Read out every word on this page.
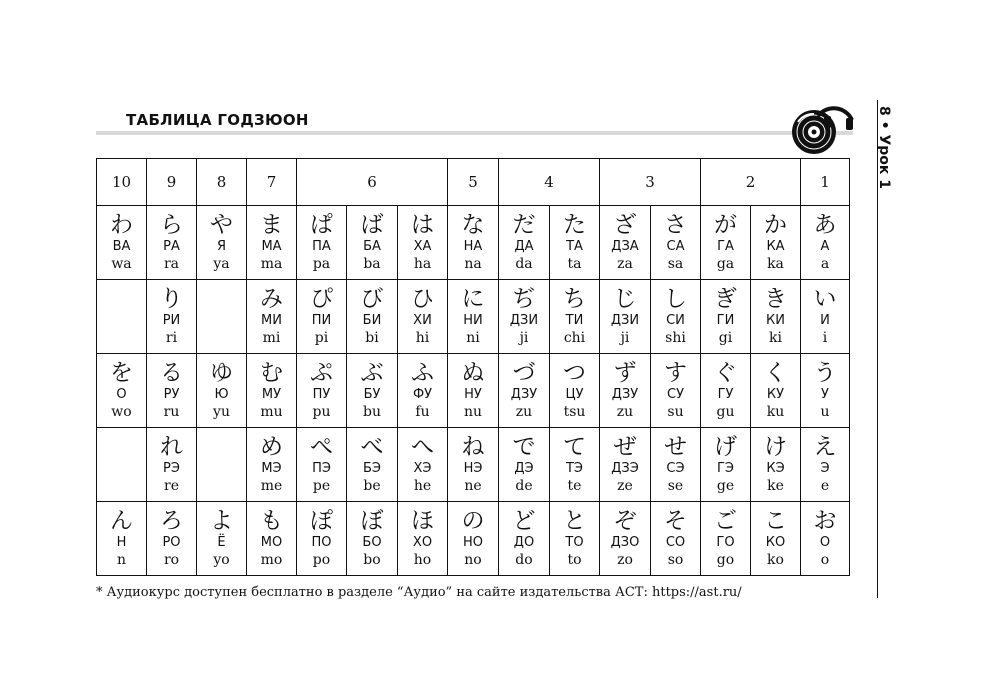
ТАБЛИЦА ГОДЗЮОН	8 • Урок 1
10	9	8	7	6			5	4		3		2		1

わ
ВА
wa	ら
РА
ra	や
Я
ya	ま
МА
ma	ぱ
ПА
pa	ば
БА
ba	は
ХА
ha	な
НА
na	だ
ДА
da	た
ТА
ta	ざ
ДЗА
za	さ
СА
sa	が
ГА
ga	か
КА
ka	あ
А
a

	り
РИ
ri		み
МИ
mi	ぴ
ПИ
pi	び
БИ
bi	ひ
ХИ
hi	に
НИ
ni	ぢ
ДЗИ
ji	ち
ТИ
chi	じ
ДЗИ
ji	し
СИ
shi	ぎ
ГИ
gi	き
КИ
ki	い
И
i

を
О
wo	る
РУ
ru	ゆ
Ю
yu	む
МУ
mu	ぷ
ПУ
pu	ぶ
БУ
bu	ふ
ФУ
fu	ぬ
НУ
nu	づ
ДЗУ
zu	つ
ЦУ
tsu	ず
ДЗУ
zu	す
СУ
su	ぐ
ГУ
gu	く
КУ
ku	う
У
u

	れ
РЭ
re		め
МЭ
me	ぺ
ПЭ
pe	べ
БЭ
be	へ
ХЭ
he	ね
НЭ
ne	で
ДЭ
de	て
ТЭ
te	ぜ
ДЗЭ
ze	せ
СЭ
se	げ
ГЭ
ge	け
КЭ
ke	え
Э
e

ん
Н
n	ろ
РО
ro	よ
Ё
yo	も
МО
mo	ぽ
ПО
po	ぼ
БО
bo	ほ
ХО
ho	の
НО
no	ど
ДО
do	と
ТО
to	ぞ
ДЗО
zo	そ
СО
so	ご
ГО
go	こ
КО
ko	お
О
o
* Аудиокурс доступен бесплатно в разделе “Аудио” на сайте издательства АСТ: https://ast.ru/
